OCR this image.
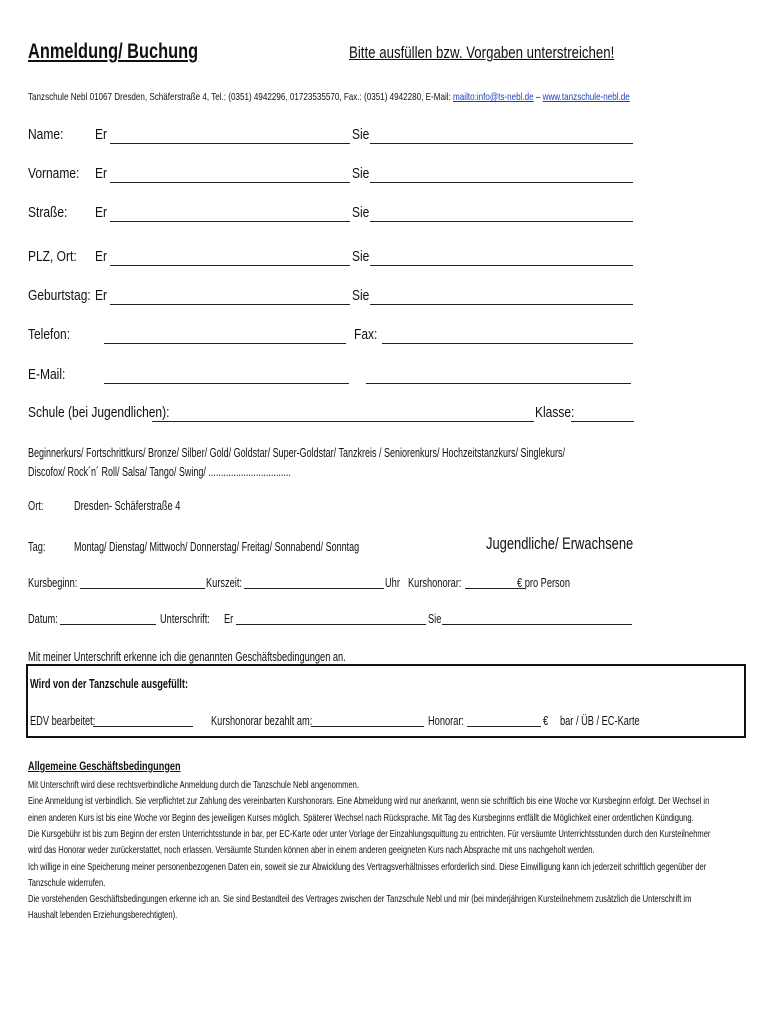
Anmeldung/ Buchung	Bitte ausfüllen bzw. Vorgaben unterstreichen!
Tanzschule Nebl 01067 Dresden, Schäferstraße 4, Tel.: (0351) 4942296, 01723535570, Fax.: (0351) 4942280, E-Mail: mailto:info@ts-nebl.de – www.tanzschule-nebl.de
Name:	Er	Sie
Vorname:	Er	Sie
Straße:	Er	Sie
PLZ, Ort:	Er	Sie
Geburtstag: Er	Sie
Telefon:	Fax:
E-Mail:
Schule (bei Jugendlichen):	Klasse:
Beginnerkurs/ Fortschrittkurs/ Bronze/ Silber/ Gold/ Goldstar/ Super-Goldstar/ Tanzkreis / Seniorenkurs/ Hochzeitstanzkurs/ Singlekurs/
Discofox/ Rock´n´ Roll/ Salsa/ Tango/ Swing/ .................................
Ort:	Dresden- Schäferstraße 4
Tag:	Montag/ Dienstag/ Mittwoch/ Donnerstag/ Freitag/ Sonnabend/ Sonntag	Jugendliche/ Erwachsene
Kursbeginn:	Kurszeit:	Uhr Kurshonorar:	€ pro Person
Datum:	Unterschrift:	Er	Sie
Mit meiner Unterschrift erkenne ich die genannten Geschäftsbedingungen an.
Wird von der Tanzschule ausgefüllt:
EDV bearbeitet:	Kurshonorar bezahlt am:	Honorar:	€ bar / ÜB / EC-Karte
Allgemeine Geschäftsbedingungen
Mit Unterschrift wird diese rechtsverbindliche Anmeldung durch die Tanzschule Nebl angenommen.
Eine Anmeldung ist verbindlich. Sie verpflichtet zur Zahlung des vereinbarten Kurshonorars. Eine Abmeldung wird nur anerkannt, wenn sie schriftlich bis eine Woche vor Kursbeginn erfolgt. Der Wechsel in
einen anderen Kurs ist bis eine Woche vor Beginn des jeweiligen Kurses möglich. Späterer Wechsel nach Rücksprache. Mit Tag des Kursbeginns entfällt die Möglichkeit einer ordentlichen Kündigung.
Die Kursgebühr ist bis zum Beginn der ersten Unterrichtsstunde in bar, per EC-Karte oder unter Vorlage der Einzahlungsquittung zu entrichten. Für versäumte Unterrichtsstunden durch den Kursteilnehmer
wird das Honorar weder zurückerstattet, noch erlassen. Versäumte Stunden können aber in einem anderen geeigneten Kurs nach Absprache mit uns nachgeholt werden.
Ich willige in eine Speicherung meiner personenbezogenen Daten ein, soweit sie zur Abwicklung des Vertragsverhältnisses erforderlich sind. Diese Einwilligung kann ich jederzeit schriftlich gegenüber der
Tanzschule widerrufen.
Die vorstehenden Geschäftsbedingungen erkenne ich an. Sie sind Bestandteil des Vertrages zwischen der Tanzschule Nebl und mir (bei minderjährigen Kursteilnehmern zusätzlich die Unterschrift im
Haushalt lebenden Erziehungsberechtigten).
